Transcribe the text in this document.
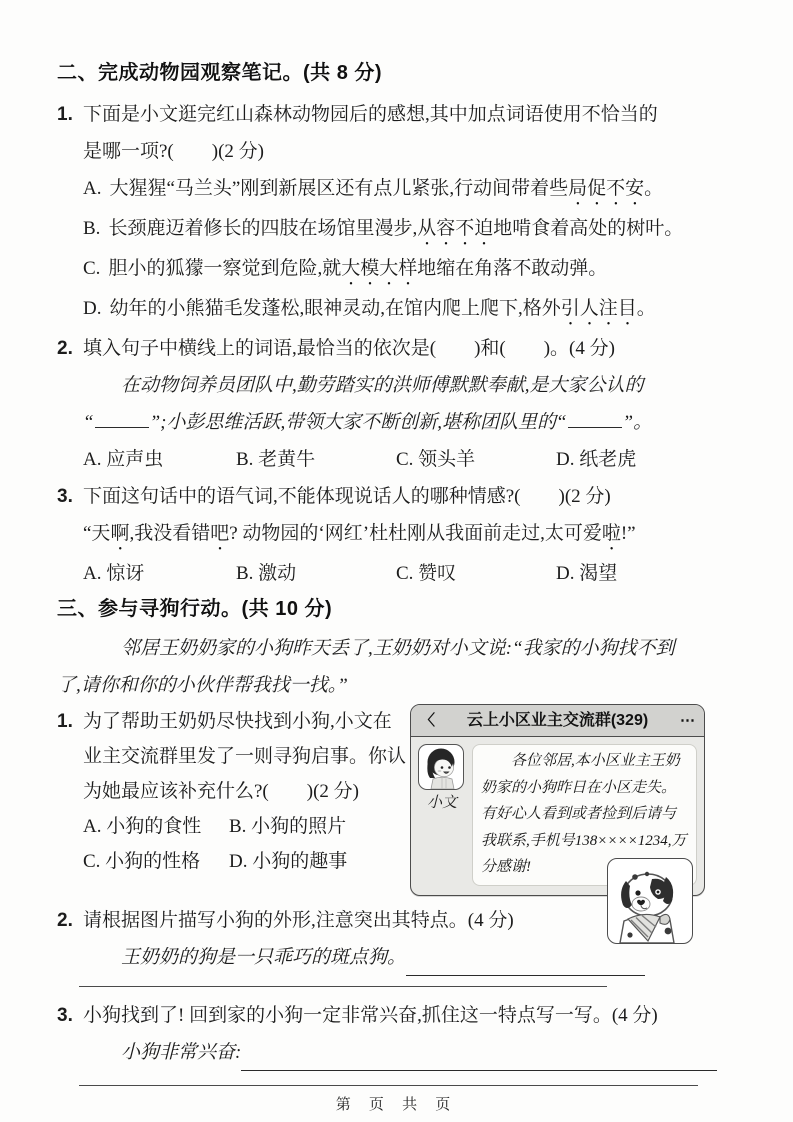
二、完成动物园观察笔记。(共 8 分)
1. 下面是小文逛完红山森林动物园后的感想,其中加点词语使用不恰当的
是哪一项?(　　)(2 分)
A. 大猩猩“马兰头”刚到新展区还有点儿紧张,行动间带着些局促不安。
B. 长颈鹿迈着修长的四肢在场馆里漫步,从容不迫地啃食着高处的树叶。
C. 胆小的狐獴一察觉到危险,就大模大样地缩在角落不敢动弹。
D. 幼年的小熊猫毛发蓬松,眼神灵动,在馆内爬上爬下,格外引人注目。
2. 填入句子中横线上的词语,最恰当的依次是(　　)和(　　)。(4 分)
在动物饲养员团队中,勤劳踏实的洪师傅默默奉献,是大家公认的
“	”;小彭思维活跃,带领大家不断创新,堪称团队里的“	”。
A. 应声虫	B. 老黄牛	C. 领头羊	D. 纸老虎
3. 下面这句话中的语气词,不能体现说话人的哪种情感?(　　)(2 分)
“天啊,我没看错吧? 动物园的‘网红’杜杜刚从我面前走过,太可爱啦!”
A. 惊讶	B. 激动	C. 赞叹	D. 渴望
三、参与寻狗行动。(共 10 分)
邻居王奶奶家的小狗昨天丢了,王奶奶对小文说:“我家的小狗找不到
了,请你和你的小伙伴帮我找一找。”
1. 为了帮助王奶奶尽快找到小狗,小文在
业主交流群里发了一则寻狗启事。你认
为她最应该补充什么?(　　)(2 分)
A. 小狗的食性	B. 小狗的照片
C. 小狗的性格	D. 小狗的趣事
〈 云上小区业主交流群(329) ⋯
小文
各位邻居,本小区业主王奶奶家的小狗昨日在小区走失。有好心人看到或者捡到后请与我联系,手机号138××××1234,万分感谢!
2. 请根据图片描写小狗的外形,注意突出其特点。(4 分)
王奶奶的狗是一只乖巧的斑点狗。
3. 小狗找到了! 回到家的小狗一定非常兴奋,抓住这一特点写一写。(4 分)
小狗非常兴奋:
第 页 共 页
